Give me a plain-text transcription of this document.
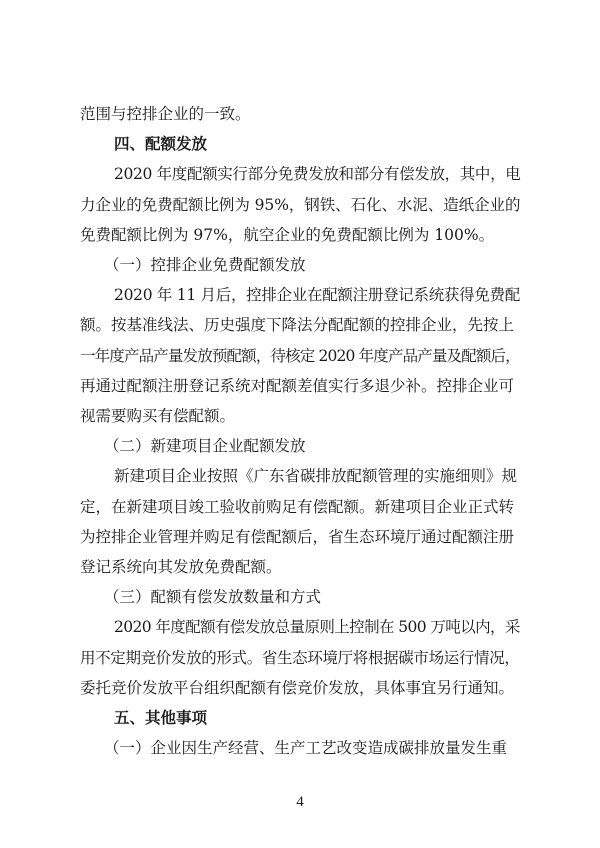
范围与控排企业的一致。
四、配额发放
2020 年度配额实行部分免费发放和部分有偿发放，其中，电
力企业的免费配额比例为 95%，钢铁、石化、水泥、造纸企业的
免费配额比例为 97%，航空企业的免费配额比例为 100%。
（一）控排企业免费配额发放
2020 年 11 月后，控排企业在配额注册登记系统获得免费配
额。按基准线法、历史强度下降法分配配额的控排企业，先按上
一年度产品产量发放预配额，待核定 2020 年度产品产量及配额后，
再通过配额注册登记系统对配额差值实行多退少补。控排企业可
视需要购买有偿配额。
（二）新建项目企业配额发放
新建项目企业按照《广东省碳排放配额管理的实施细则》规
定，在新建项目竣工验收前购足有偿配额。新建项目企业正式转
为控排企业管理并购足有偿配额后，省生态环境厅通过配额注册
登记系统向其发放免费配额。
（三）配额有偿发放数量和方式
2020 年度配额有偿发放总量原则上控制在 500 万吨以内，采
用不定期竞价发放的形式。省生态环境厅将根据碳市场运行情况，
委托竞价发放平台组织配额有偿竞价发放，具体事宜另行通知。
五、其他事项
（一）企业因生产经营、生产工艺改变造成碳排放量发生重
4
